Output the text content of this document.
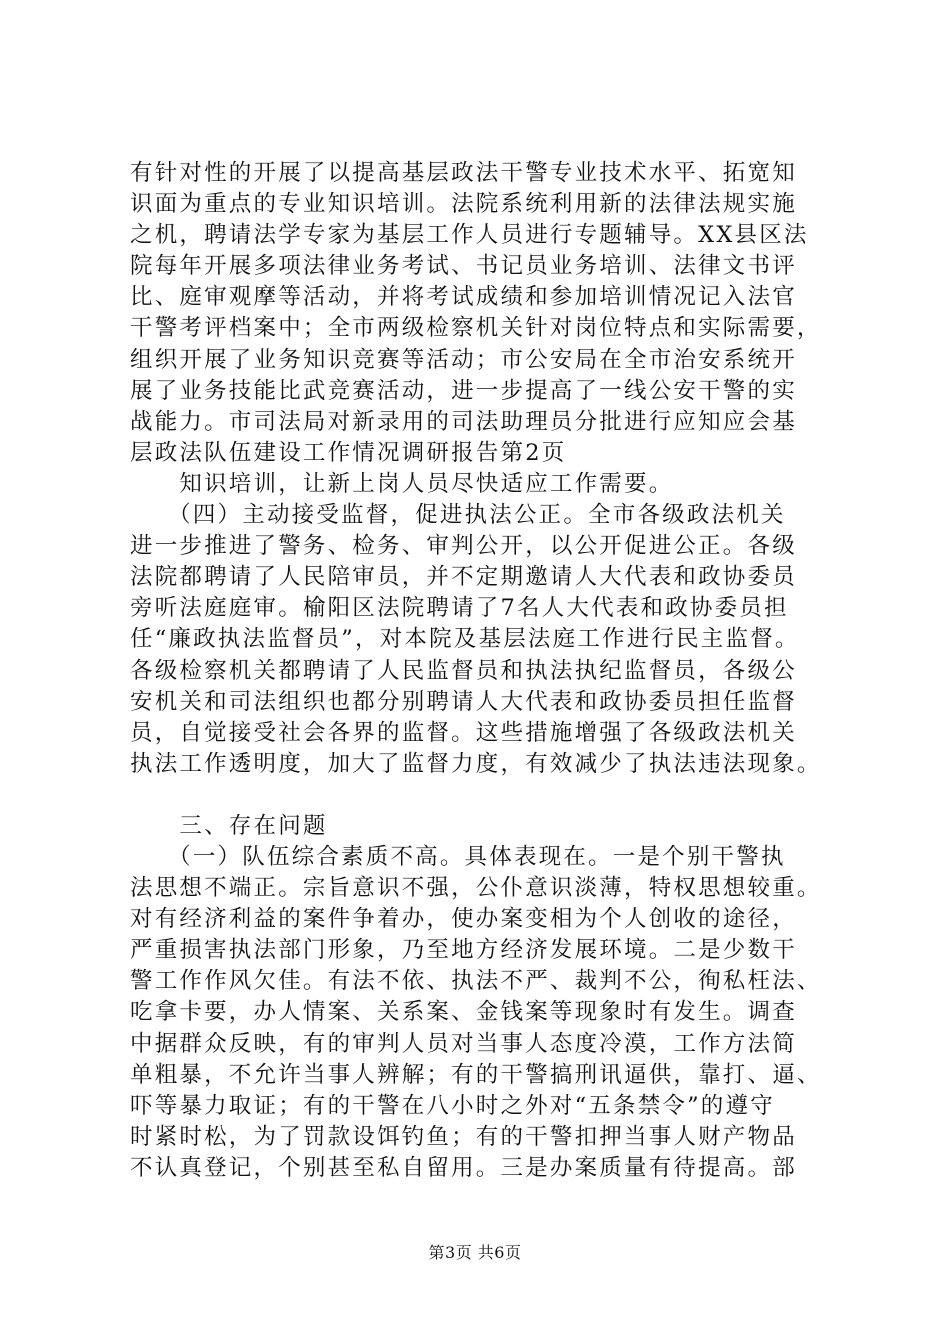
有针对性的开展了以提高基层政法干警专业技术水平、拓宽知
识面为重点的专业知识培训。法院系统利用新的法律法规实施
之机，聘请法学专家为基层工作人员进行专题辅导。XX县区法
院每年开展多项法律业务考试、书记员业务培训、法律文书评
比、庭审观摩等活动，并将考试成绩和参加培训情况记入法官
干警考评档案中；全市两级检察机关针对岗位特点和实际需要，
组织开展了业务知识竞赛等活动；市公安局在全市治安系统开
展了业务技能比武竞赛活动，进一步提高了一线公安干警的实
战能力。市司法局对新录用的司法助理员分批进行应知应会基
层政法队伍建设工作情况调研报告第2页
　　知识培训，让新上岗人员尽快适应工作需要。
　　（四）主动接受监督，促进执法公正。全市各级政法机关
进一步推进了警务、检务、审判公开，以公开促进公正。各级
法院都聘请了人民陪审员，并不定期邀请人大代表和政协委员
旁听法庭庭审。榆阳区法院聘请了7名人大代表和政协委员担
任“廉政执法监督员”，对本院及基层法庭工作进行民主监督。
各级检察机关都聘请了人民监督员和执法执纪监督员，各级公
安机关和司法组织也都分别聘请人大代表和政协委员担任监督
员，自觉接受社会各界的监督。这些措施增强了各级政法机关
执法工作透明度，加大了监督力度，有效减少了执法违法现象。
　　三、存在问题
　　（一）队伍综合素质不高。具体表现在。一是个别干警执
法思想不端正。宗旨意识不强，公仆意识淡薄，特权思想较重。
对有经济利益的案件争着办，使办案变相为个人创收的途径，
严重损害执法部门形象，乃至地方经济发展环境。二是少数干
警工作作风欠佳。有法不依、执法不严、裁判不公，徇私枉法、
吃拿卡要，办人情案、关系案、金钱案等现象时有发生。调查
中据群众反映，有的审判人员对当事人态度冷漠，工作方法简
单粗暴，不允许当事人辨解；有的干警搞刑讯逼供，靠打、逼、
吓等暴力取证；有的干警在八小时之外对“五条禁令”的遵守
时紧时松，为了罚款设饵钓鱼；有的干警扣押当事人财产物品
不认真登记，个别甚至私自留用。三是办案质量有待提高。部
第3页 共6页
